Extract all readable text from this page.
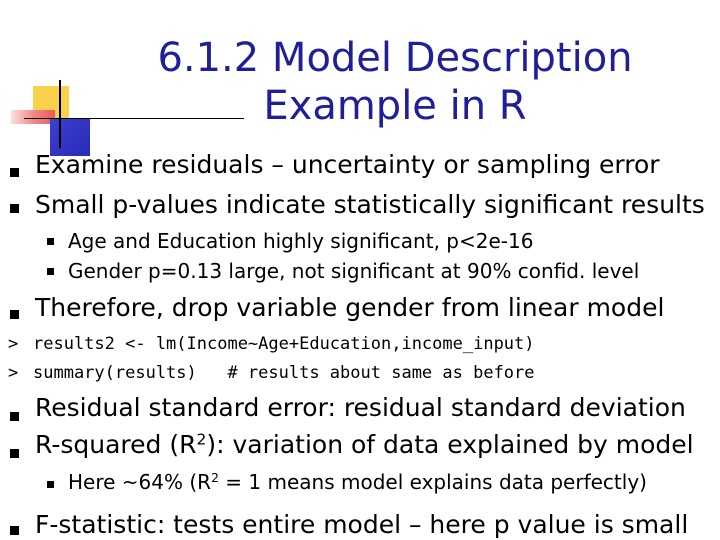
6.1.2 Model Description
Example in R
Examine residuals – uncertainty or sampling error
Small p-values indicate statistically significant results
Age and Education highly significant, p<2e-16
Gender p=0.13 large, not significant at 90% confid. level
Therefore, drop variable gender from linear model
> results2 <- lm(Income~Age+Education,income_input)
> summary(results)   # results about same as before
Residual standard error: residual standard deviation
R-squared $(R^2)$: variation of data explained by model
Here ~64% ($R^2 = 1$ means model explains data perfectly)
F-statistic: tests entire model – here p value is small
